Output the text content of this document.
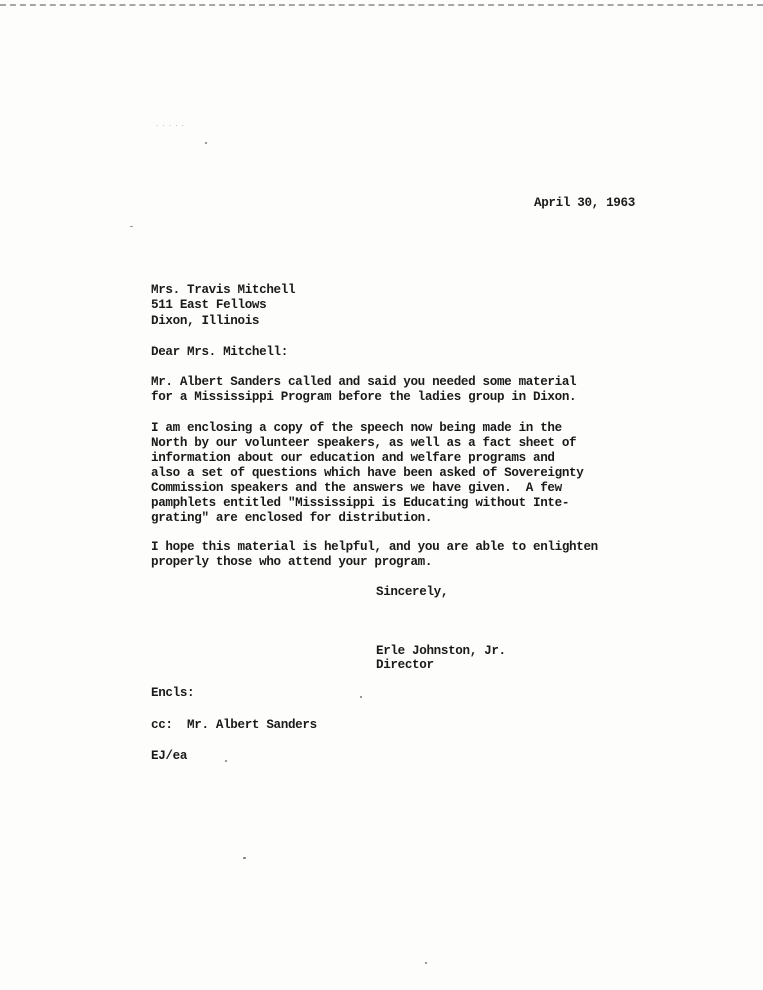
· · · · ·
April 30, 1963
Mrs. Travis Mitchell
511 East Fellows
Dixon, Illinois
Dear Mrs. Mitchell:
Mr. Albert Sanders called and said you needed some material
for a Mississippi Program before the ladies group in Dixon.
I am enclosing a copy of the speech now being made in the
North by our volunteer speakers, as well as a fact sheet of
information about our education and welfare programs and
also a set of questions which have been asked of Sovereignty
Commission speakers and the answers we have given.  A few
pamphlets entitled "Mississippi is Educating without Inte-
grating" are enclosed for distribution.
I hope this material is helpful, and you are able to enlighten
properly those who attend your program.
Sincerely,
Erle Johnston, Jr.
Director
Encls:
cc:  Mr. Albert Sanders
EJ/ea
